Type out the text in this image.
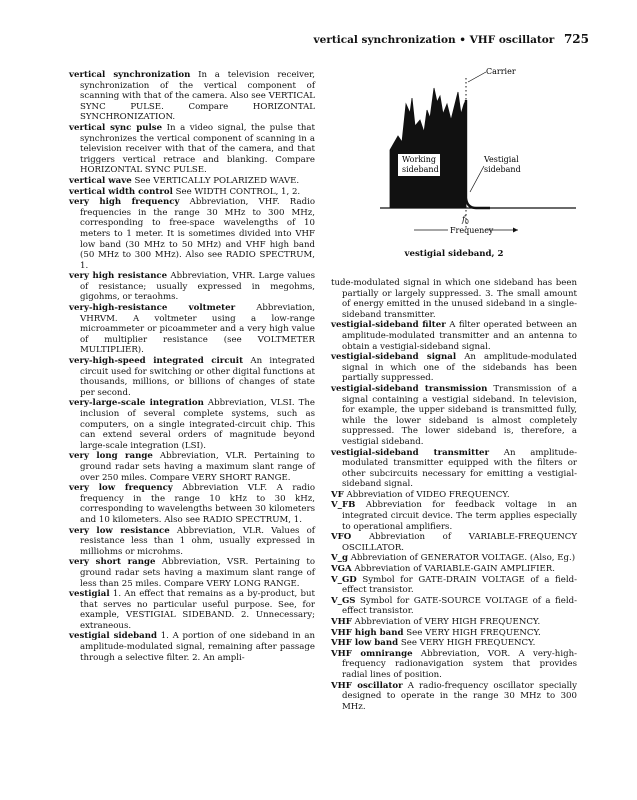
vertical synchronization • VHF oscillator 725

vertical synchronization In a television receiver, synchronization of the vertical component of scanning with that of the camera. Also see VERTICAL SYNC PULSE. Compare HORIZONTAL SYNCHRONIZATION.

vertical sync pulse In a video signal, the pulse that synchronizes the vertical component of scanning in a television receiver with that of the camera, and that triggers vertical retrace and blanking. Compare HORIZONTAL SYNC PULSE.

vertical wave See VERTICALLY POLARIZED WAVE.

vertical width control See WIDTH CONTROL, 1, 2.

very high frequency Abbreviation, VHF. Radio frequencies in the range 30 MHz to 300 MHz, corresponding to free-space wavelengths of 10 meters to 1 meter. It is sometimes divided into VHF low band (30 MHz to 50 MHz) and VHF high band (50 MHz to 300 MHz). Also see RADIO SPECTRUM, 1.

very high resistance Abbreviation, VHR. Large values of resistance; usually expressed in megohms, gigohms, or teraohms.

very-high-resistance voltmeter Abbreviation, VHRVM. A voltmeter using a low-range microammeter or picoammeter and a very high value of multiplier resistance (see VOLTMETER MULTIPLIER).

very-high-speed integrated circuit An integrated circuit used for switching or other digital functions at thousands, millions, or billions of changes of state per second.

very-large-scale integration Abbreviation, VLSI. The inclusion of several complete systems, such as computers, on a single integrated-circuit chip. This can extend several orders of magnitude beyond large-scale integration (LSI).

very long range Abbreviation, VLR. Pertaining to ground radar sets having a maximum slant range of over 250 miles. Compare VERY SHORT RANGE.

very low frequency Abbreviation VLF. A radio frequency in the range 10 kHz to 30 kHz, corresponding to wavelengths between 30 kilometers and 10 kilometers. Also see RADIO SPECTRUM, 1.

very low resistance Abbreviation, VLR. Values of resistance less than 1 ohm, usually expressed in milliohms or microhms.

very short range Abbreviation, VSR. Pertaining to ground radar sets having a maximum slant range of less than 25 miles. Compare VERY LONG RANGE.

vestigial 1. An effect that remains as a by-product, but that serves no particular useful purpose. See, for example, VESTIGIAL SIDEBAND. 2. Unnecessary; extraneous.

vestigial sideband 1. A portion of one sideband in an amplitude-modulated signal, remaining after passage through a selective filter. 2. An ampli-

Carrier
Working
sideband
Vestigial
sideband
$f_0$
Frequency
vestigial sideband, 2

tude-modulated signal in which one sideband has been partially or largely suppressed. 3. The small amount of energy emitted in the unused sideband in a single-sideband transmitter.

vestigial-sideband filter A filter operated between an amplitude-modulated transmitter and an antenna to obtain a vestigial-sideband signal.

vestigial-sideband signal An amplitude-modulated signal in which one of the sidebands has been partially suppressed.

vestigial-sideband transmission Transmission of a signal containing a vestigial sideband. In television, for example, the upper sideband is transmitted fully, while the lower sideband is almost completely suppressed. The lower sideband is, therefore, a vestigial sideband.

vestigial-sideband transmitter An amplitude-modulated transmitter equipped with the filters or other subcircuits necessary for emitting a vestigial-sideband signal.

VF Abbreviation of VIDEO FREQUENCY.

V_FB Abbreviation for feedback voltage in an integrated circuit device. The term applies especially to operational amplifiers.

VFO Abbreviation of VARIABLE-FREQUENCY OSCILLATOR.

V_g Abbreviation of GENERATOR VOLTAGE. (Also, Eg.)

VGA Abbreviation of VARIABLE-GAIN AMPLIFIER.

V_GD Symbol for GATE-DRAIN VOLTAGE of a field-effect transistor.

V_GS Symbol for GATE-SOURCE VOLTAGE of a field-effect transistor.

VHF Abbreviation of VERY HIGH FREQUENCY.

VHF high band See VERY HIGH FREQUENCY.

VHF low band See VERY HIGH FREQUENCY.

VHF omnirange Abbreviation, VOR. A very-high-frequency radionavigation system that provides radial lines of position.

VHF oscillator A radio-frequency oscillator specially designed to operate in the range 30 MHz to 300 MHz.
